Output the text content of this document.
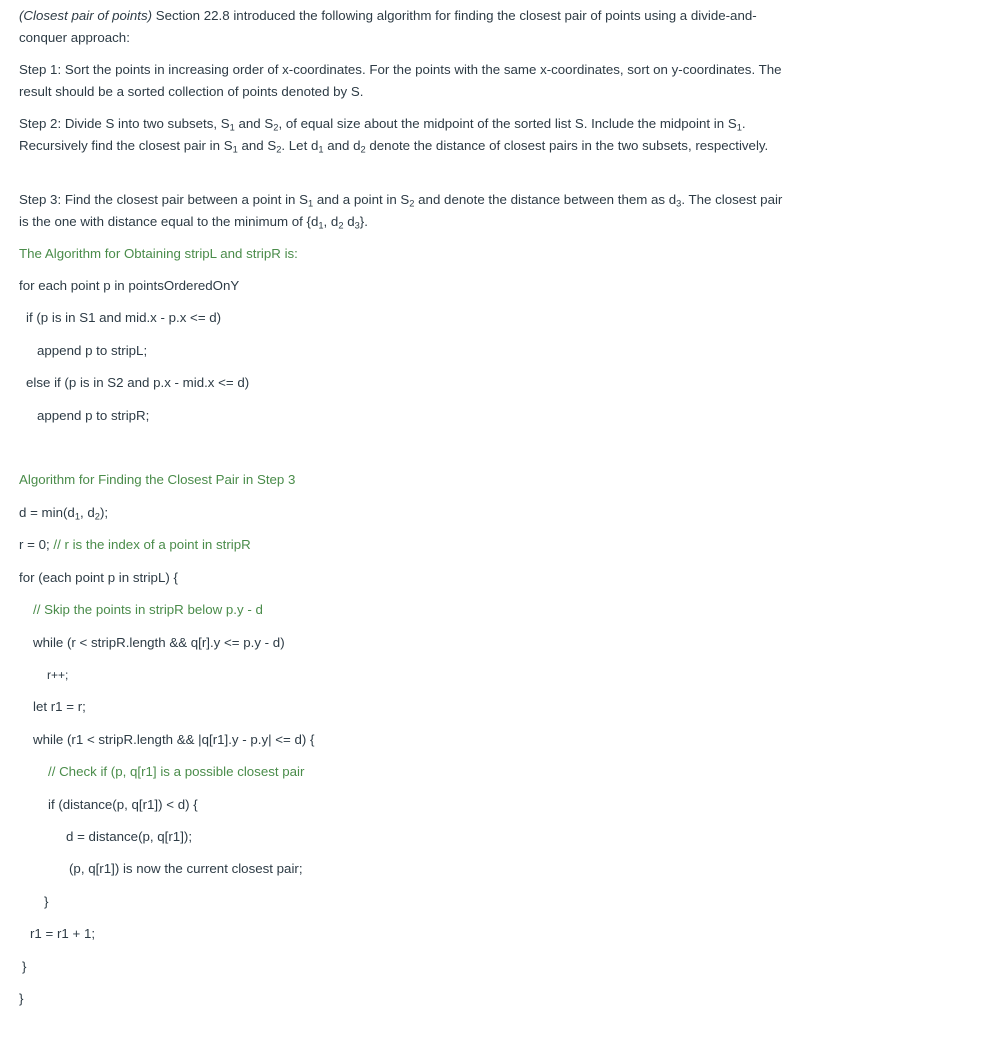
(Closest pair of points) Section 22.8 introduced the following algorithm for finding the closest pair of points using a divide-and-conquer approach:
Step 1: Sort the points in increasing order of x-coordinates. For the points with the same x-coordinates, sort on y-coordinates. The result should be a sorted collection of points denoted by S.
Step 2: Divide S into two subsets, $S_1$ and $S_2$, of equal size about the midpoint of the sorted list S. Include the midpoint in $S_1$. Recursively find the closest pair in $S_1$ and $S_2$. Let $d_1$ and $d_2$ denote the distance of closest pairs in the two subsets, respectively.
Step 3: Find the closest pair between a point in $S_1$ and a point in $S_2$ and denote the distance between them as $d_3$. The closest pair is the one with distance equal to the minimum of {$d_1$, $d_2$ $d_3$}.
The Algorithm for Obtaining stripL and stripR is:
for each point p in pointsOrderedOnY
if (p is in S1 and mid.x - p.x <= d)
append p to stripL;
else if (p is in S2 and p.x - mid.x <= d)
append p to stripR;
Algorithm for Finding the Closest Pair in Step 3
$d = \min(d_1$, $d_2$);
r = 0; // r is the index of a point in stripR
for (each point p in stripL) {
// Skip the points in stripR below p.y - d
while (r < stripR.length && q[r].y <= p.y - d)
r++;
let r1 = r;
while (r1 < stripR.length && |q[r1].y - p.y| <= d) {
// Check if (p, q[r1] is a possible closest pair
if (distance(p, q[r1]) < d) {
d = distance(p, q[r1]);
(p, q[r1]) is now the current closest pair;
}
r1 = r1 + 1;
}
}
